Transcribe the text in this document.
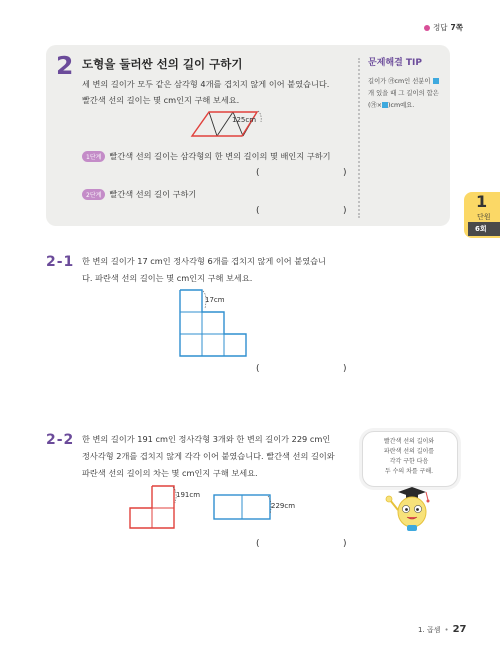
정답 7쪽
2 도형을 둘러싼 선의 길이 구하기
세 변의 길이가 모두 같은 삼각형 4개를 겹치지 않게 이어 붙였습니다.
빨간색 선의 길이는 몇 cm인지 구해 보세요.
125cm
1단계 빨간색 선의 길이는 삼각형의 한 변의 길이의 몇 배인지 구하기
(	)
2단계 빨간색 선의 길이 구하기
(	)
문제해결 TIP
길이가 ㉮cm인 선분이
개 있을 때 그 길이의 합은
(㉮× )cm예요.
1
단원
6회
2-1 한 변의 길이가 17 cm인 정사각형 6개를 겹치지 않게 이어 붙였습니
다. 파란색 선의 길이는 몇 cm인지 구해 보세요.
17cm
(	)
2-2 한 변의 길이가 191 cm인 정사각형 3개와 한 변의 길이가 229 cm인
정사각형 2개를 겹치지 않게 각각 이어 붙였습니다. 빨간색 선의 길이와
파란색 선의 길이의 차는 몇 cm인지 구해 보세요.
191cm
229cm
(	)
빨간색 선의 길이와
파란색 선의 길이를
각각 구한 다음
두 수의 차를 구해.
1. 곱셈 • 27
